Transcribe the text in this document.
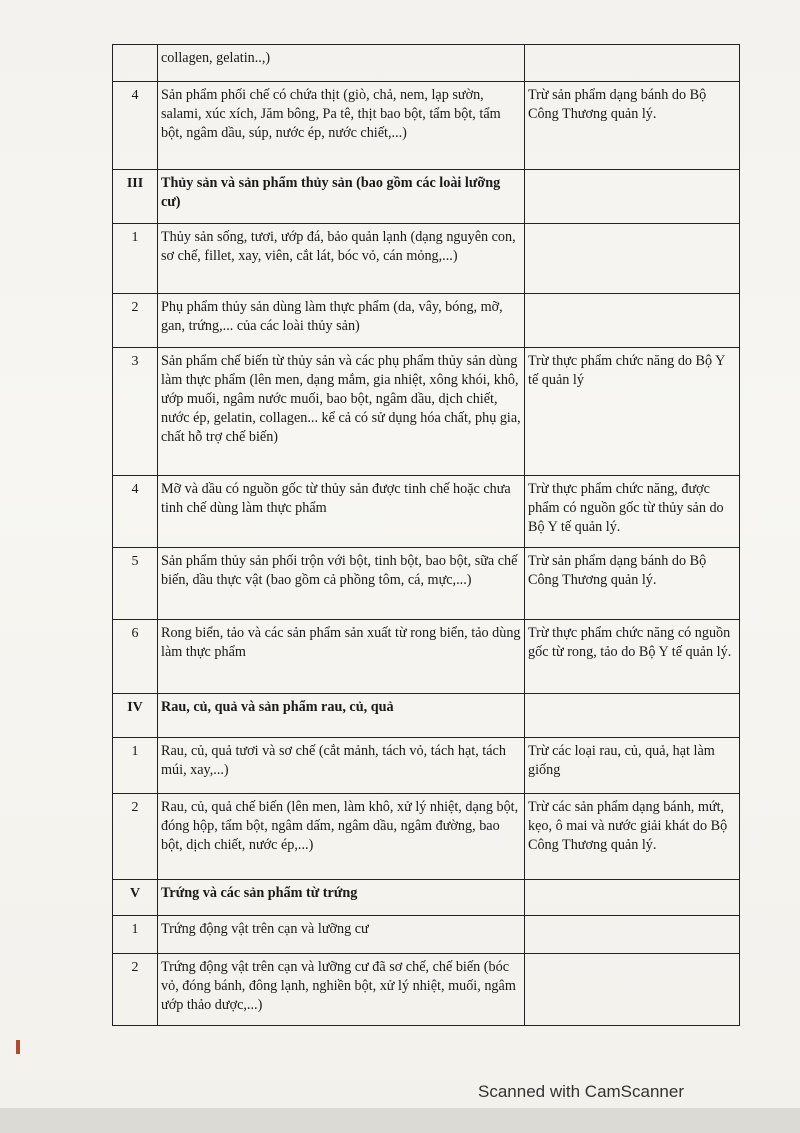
	collagen, gelatin..,)	
4	Sản phẩm phối chế có chứa thịt (giò, chả, nem, lạp sườn, salami, xúc xích, Jăm bông, Pa tê, thịt bao bột, tẩm bột, tẩm bột, ngâm dầu, súp, nước ép, nước chiết,...)	Trừ sản phẩm dạng bánh do Bộ Công Thương quản lý.
III	Thủy sản và sản phẩm thủy sản (bao gồm các loài lưỡng cư)	
1	Thủy sản sống, tươi, ướp đá, bảo quản lạnh (dạng nguyên con, sơ chế, fillet, xay, viên, cắt lát, bóc vỏ, cán mỏng,...)	
2	Phụ phẩm thủy sản dùng làm thực phẩm (da, vây, bóng, mỡ, gan, trứng,... của các loài thủy sản)	
3	Sản phẩm chế biến từ thủy sản và các phụ phẩm thủy sản dùng làm thực phẩm (lên men, dạng mắm, gia nhiệt, xông khói, khô, ướp muối, ngâm nước muối, bao bột, ngâm dầu, dịch chiết, nước ép, gelatin, collagen... kể cả có sử dụng hóa chất, phụ gia, chất hỗ trợ chế biến)	Trừ thực phẩm chức năng do Bộ Y tế quản lý
4	Mỡ và dầu có nguồn gốc từ thủy sản được tinh chế hoặc chưa tinh chế dùng làm thực phẩm	Trừ thực phẩm chức năng, được phẩm có nguồn gốc từ thủy sản do Bộ Y tế quản lý.
5	Sản phẩm thủy sản phối trộn với bột, tinh bột, bao bột, sữa chế biến, dầu thực vật (bao gồm cả phồng tôm, cá, mực,...)	Trừ sản phẩm dạng bánh do Bộ Công Thương quản lý.
6	Rong biển, tảo và các sản phẩm sản xuất từ rong biển, tảo dùng làm thực phẩm	Trừ thực phẩm chức năng có nguồn gốc từ rong, tảo do Bộ Y tế quản lý.
IV	Rau, củ, quả và sản phẩm rau, củ, quả	
1	Rau, củ, quả tươi và sơ chế (cắt mảnh, tách vỏ, tách hạt, tách múi, xay,...)	Trừ các loại rau, củ, quả, hạt làm giống
2	Rau, củ, quả chế biến (lên men, làm khô, xử lý nhiệt, dạng bột, đóng hộp, tẩm bột, ngâm dấm, ngâm dầu, ngâm đường, bao bột, dịch chiết, nước ép,...)	Trừ các sản phẩm dạng bánh, mứt, kẹo, ô mai và nước giải khát do Bộ Công Thương quản lý.
V	Trứng và các sản phẩm từ trứng	
1	Trứng động vật trên cạn và lưỡng cư	
2	Trứng động vật trên cạn và lưỡng cư đã sơ chế, chế biến (bóc vỏ, đóng bánh, đông lạnh, nghiền bột, xử lý nhiệt, muối, ngâm ướp thảo dược,...)	
Scanned with CamScanner
